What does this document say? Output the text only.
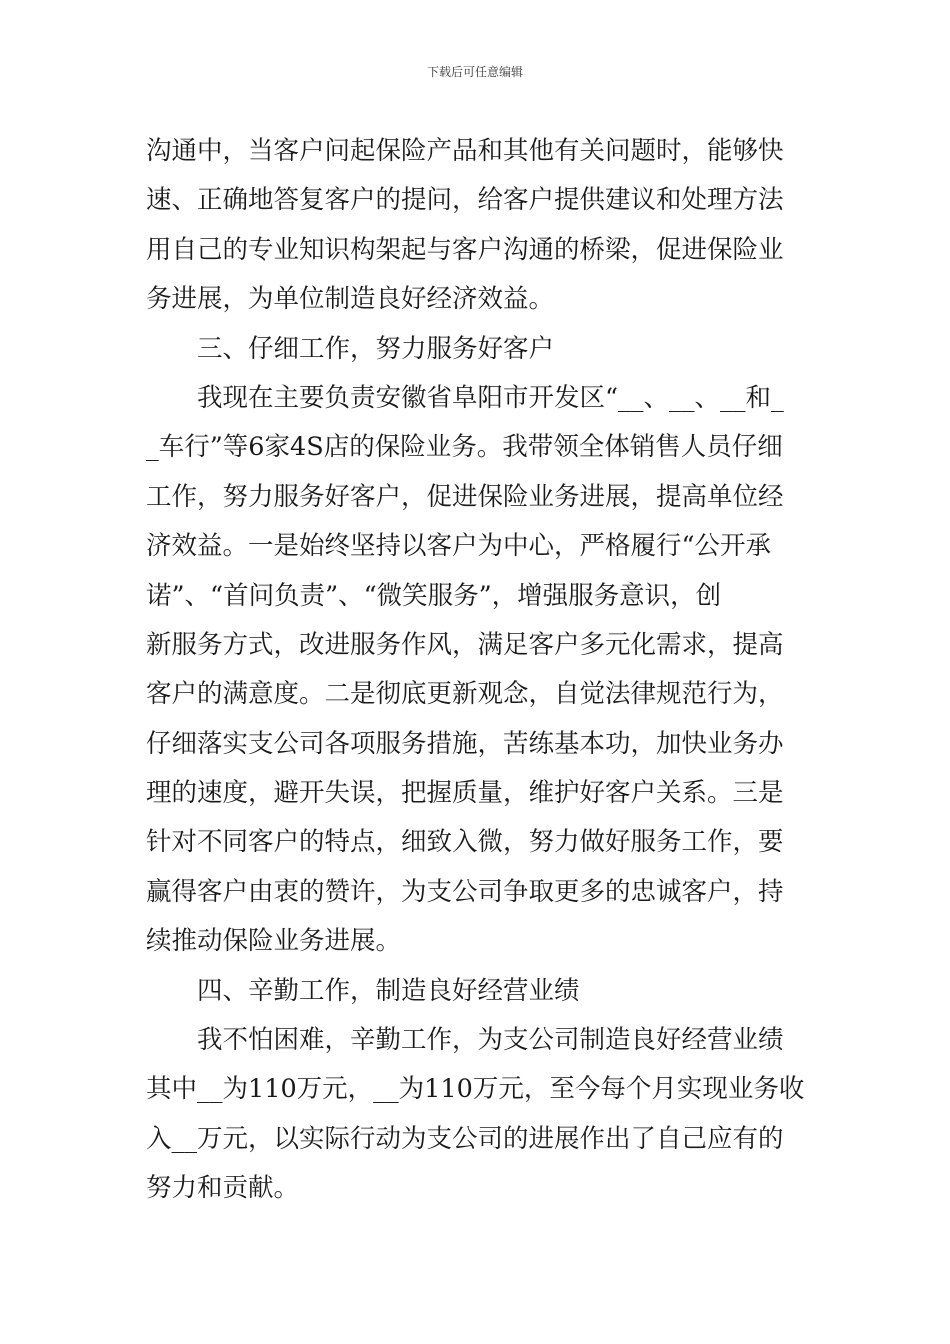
下载后可任意编辑
沟通中，当客户问起保险产品和其他有关问题时，能够快
速、正确地答复客户的提问，给客户提供建议和处理方法
用自己的专业知识构架起与客户沟通的桥梁，促进保险业
务进展，为单位制造良好经济效益。
三、仔细工作，努力服务好客户
我现在主要负责安徽省阜阳市开发区“__、__、__和_
_车行”等6家4S店的保险业务。我带领全体销售人员仔细
工作，努力服务好客户，促进保险业务进展，提高单位经
济效益。一是始终坚持以客户为中心，严格履行“公开承
诺”、“首问负责”、“微笑服务”，增强服务意识，创
新服务方式，改进服务作风，满足客户多元化需求，提高
客户的满意度。二是彻底更新观念，自觉法律规范行为，
仔细落实支公司各项服务措施，苦练基本功，加快业务办
理的速度，避开失误，把握质量，维护好客户关系。三是
针对不同客户的特点，细致入微，努力做好服务工作，要
赢得客户由衷的赞许，为支公司争取更多的忠诚客户，持
续推动保险业务进展。
四、辛勤工作，制造良好经营业绩
我不怕困难，辛勤工作，为支公司制造良好经营业绩
其中__为110万元，__为110万元，至今每个月实现业务收
入__万元，以实际行动为支公司的进展作出了自己应有的
努力和贡献。
